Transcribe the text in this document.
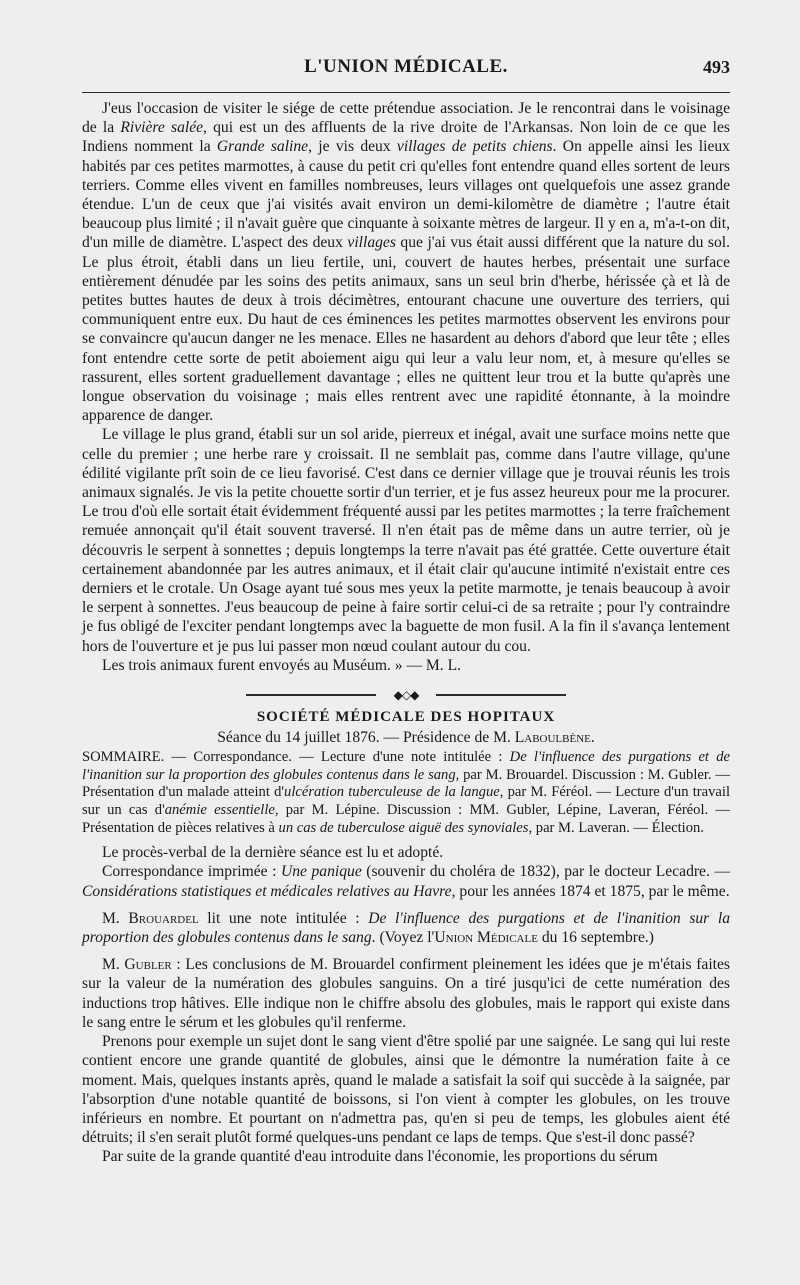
L'UNION MÉDICALE.	493

J'eus l'occasion de visiter le siége de cette prétendue association. Je le rencontrai dans le voisinage de la Rivière salée, qui est un des affluents de la rive droite de l'Arkansas. Non loin de ce que les Indiens nomment la Grande saline, je vis deux villages de petits chiens. On appelle ainsi les lieux habités par ces petites marmottes, à cause du petit cri qu'elles font entendre quand elles sortent de leurs terriers. Comme elles vivent en familles nombreuses, leurs villages ont quelquefois une assez grande étendue. L'un de ceux que j'ai visités avait environ un demi-kilomètre de diamètre ; l'autre était beaucoup plus limité ; il n'avait guère que cinquante à soixante mètres de largeur. Il y en a, m'a-t-on dit, d'un mille de diamètre. L'aspect des deux villages que j'ai vus était aussi différent que la nature du sol. Le plus étroit, établi dans un lieu fertile, uni, couvert de hautes herbes, présentait une surface entièrement dénudée par les soins des petits animaux, sans un seul brin d'herbe, hérissée çà et là de petites buttes hautes de deux à trois décimètres, entourant chacune une ouverture des terriers, qui communiquent entre eux. Du haut de ces éminences les petites marmottes observent les environs pour se convaincre qu'aucun danger ne les menace. Elles ne hasardent au dehors d'abord que leur tête ; elles font entendre cette sorte de petit aboiement aigu qui leur a valu leur nom, et, à mesure qu'elles se rassurent, elles sortent graduellement davantage ; elles ne quittent leur trou et la butte qu'après une longue observation du voisinage ; mais elles rentrent avec une rapidité étonnante, à la moindre apparence de danger.

Le village le plus grand, établi sur un sol aride, pierreux et inégal, avait une surface moins nette que celle du premier ; une herbe rare y croissait. Il ne semblait pas, comme dans l'autre village, qu'une édilité vigilante prît soin de ce lieu favorisé. C'est dans ce dernier village que je trouvai réunis les trois animaux signalés. Je vis la petite chouette sortir d'un terrier, et je fus assez heureux pour me la procurer. Le trou d'où elle sortait était évidemment fréquenté aussi par les petites marmottes ; la terre fraîchement remuée annonçait qu'il était souvent traversé. Il n'en était pas de même dans un autre terrier, où je découvris le serpent à sonnettes ; depuis longtemps la terre n'avait pas été grattée. Cette ouverture était certainement abandonnée par les autres animaux, et il était clair qu'aucune intimité n'existait entre ces derniers et le crotale. Un Osage ayant tué sous mes yeux la petite marmotte, je tenais beaucoup à avoir le serpent à sonnettes. J'eus beaucoup de peine à faire sortir celui-ci de sa retraite ; pour l'y contraindre je fus obligé de l'exciter pendant longtemps avec la baguette de mon fusil. A la fin il s'avança lentement hors de l'ouverture et je pus lui passer mon nœud coulant autour du cou.

Les trois animaux furent envoyés au Muséum. » — M. L.

◆◇◆
SOCIÉTÉ MÉDICALE DES HOPITAUX
Séance du 14 juillet 1876. — Présidence de M. Laboulbène.
SOMMAIRE. — Correspondance. — Lecture d'une note intitulée : De l'influence des purgations et de l'inanition sur la proportion des globules contenus dans le sang, par M. Brouardel. Discussion : M. Gubler. — Présentation d'un malade atteint d'ulcération tuberculeuse de la langue, par M. Féréol. — Lecture d'un travail sur un cas d'anémie essentielle, par M. Lépine. Discussion : MM. Gubler, Lépine, Laveran, Féréol. — Présentation de pièces relatives à un cas de tuberculose aiguë des synoviales, par M. Laveran. — Élection.

Le procès-verbal de la dernière séance est lu et adopté.

Correspondance imprimée : Une panique (souvenir du choléra de 1832), par le docteur Lecadre. — Considérations statistiques et médicales relatives au Havre, pour les années 1874 et 1875, par le même.

M. Brouardel lit une note intitulée : De l'influence des purgations et de l'inanition sur la proportion des globules contenus dans le sang. (Voyez l'Union Médicale du 16 septembre.)

M. Gubler : Les conclusions de M. Brouardel confirment pleinement les idées que je m'étais faites sur la valeur de la numération des globules sanguins. On a tiré jusqu'ici de cette numération des inductions trop hâtives. Elle indique non le chiffre absolu des globules, mais le rapport qui existe dans le sang entre le sérum et les globules qu'il renferme.

Prenons pour exemple un sujet dont le sang vient d'être spolié par une saignée. Le sang qui lui reste contient encore une grande quantité de globules, ainsi que le démontre la numération faite à ce moment. Mais, quelques instants après, quand le malade a satisfait la soif qui succède à la saignée, par l'absorption d'une notable quantité de boissons, si l'on vient à compter les globules, on les trouve inférieurs en nombre. Et pourtant on n'admettra pas, qu'en si peu de temps, les globules aient été détruits; il s'en serait plutôt formé quelques-uns pendant ce laps de temps. Que s'est-il donc passé?

Par suite de la grande quantité d'eau introduite dans l'économie, les proportions du sérum
